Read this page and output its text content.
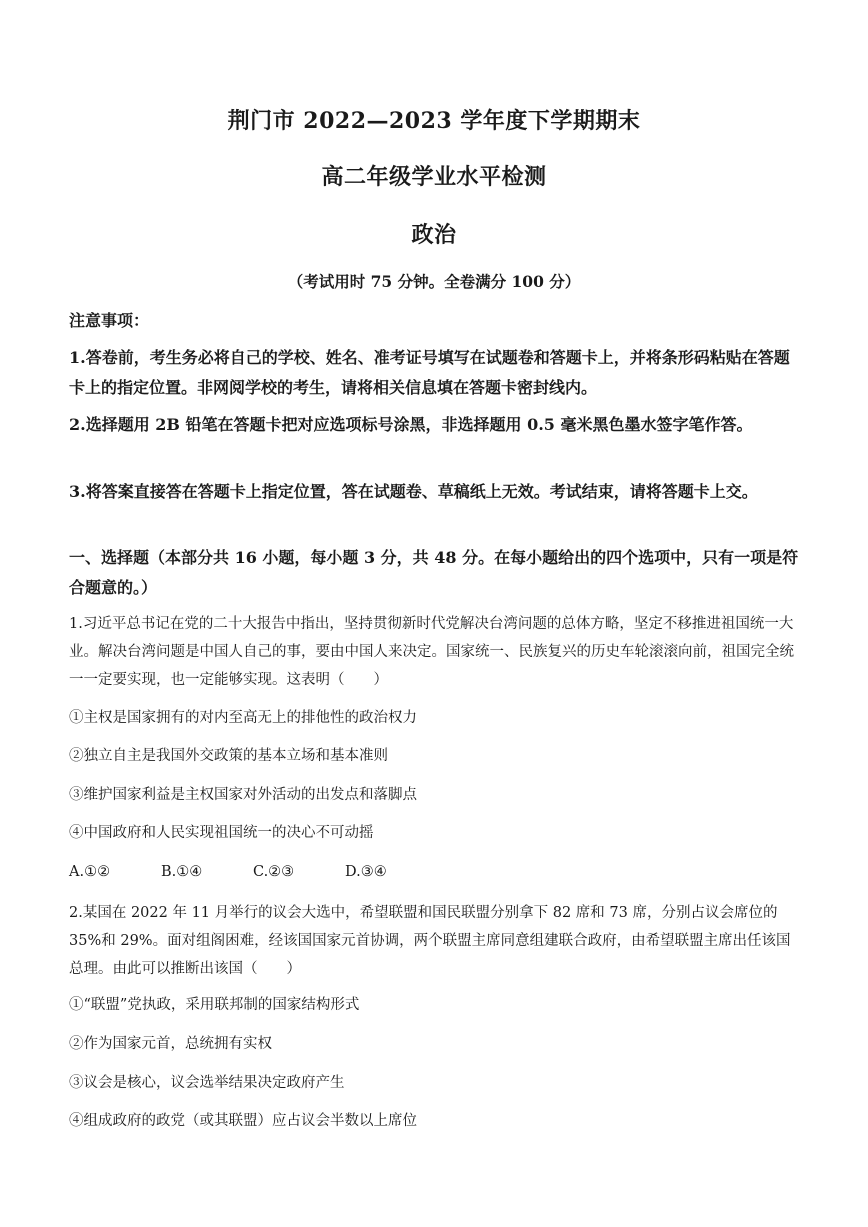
荆门市 2022—2023 学年度下学期期末
高二年级学业水平检测
政治
（考试用时 75 分钟。全卷满分 100 分）
注意事项：
1.答卷前，考生务必将自己的学校、姓名、准考证号填写在试题卷和答题卡上，并将条形码粘贴在答题卡上的指定位置。非网阅学校的考生，请将相关信息填在答题卡密封线内。
2.选择题用 2B 铅笔在答题卡把对应选项标号涂黑，非选择题用 0.5 毫米黑色墨水签字笔作答。
3.将答案直接答在答题卡上指定位置，答在试题卷、草稿纸上无效。考试结束，请将答题卡上交。
一、选择题（本部分共 16 小题，每小题 3 分，共 48 分。在每小题给出的四个选项中，只有一项是符合题意的。）
1.习近平总书记在党的二十大报告中指出，坚持贯彻新时代党解决台湾问题的总体方略，坚定不移推进祖国统一大业。解决台湾问题是中国人自己的事，要由中国人来决定。国家统一、民族复兴的历史车轮滚滚向前，祖国完全统一一定要实现，也一定能够实现。这表明（　　）
①主权是国家拥有的对内至高无上的排他性的政治权力
②独立自主是我国外交政策的基本立场和基本准则
③维护国家利益是主权国家对外活动的出发点和落脚点
④中国政府和人民实现祖国统一的决心不可动摇
A.①②	B.①④	C.②③	D.③④
2.某国在 2022 年 11 月举行的议会大选中，希望联盟和国民联盟分别拿下 82 席和 73 席，分别占议会席位的 35%和 29%。面对组阁困难，经该国国家元首协调，两个联盟主席同意组建联合政府，由希望联盟主席出任该国总理。由此可以推断出该国（　　）
①“联盟”党执政，采用联邦制的国家结构形式
②作为国家元首，总统拥有实权
③议会是核心，议会选举结果决定政府产生
④组成政府的政党（或其联盟）应占议会半数以上席位
